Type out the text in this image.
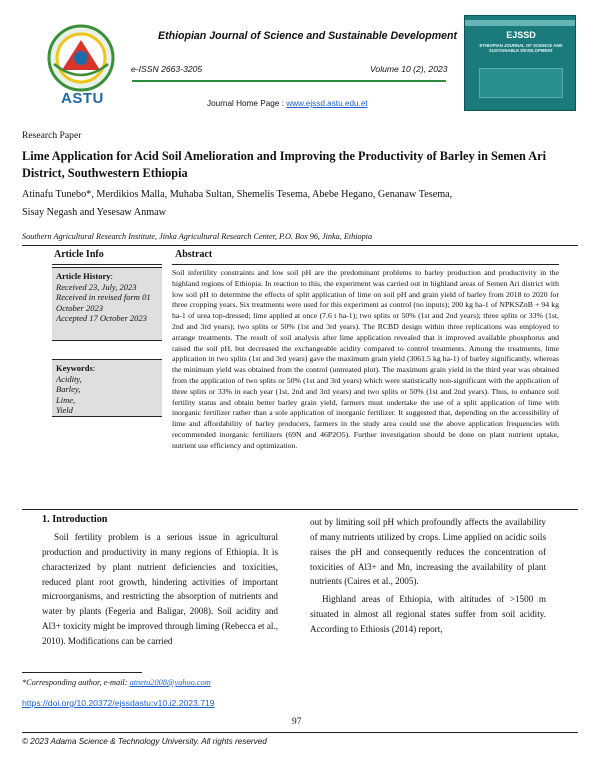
ASTU
Ethiopian Journal of Science and Sustainable Development
e-ISSN 2663-3205	Volume 10 (2), 2023
Journal Home Page : www.ejssd.astu.edu.et
EJSSD
ETHIOPIAN JOURNAL OF SCIENCE AND SUSTAINABLE DEVELOPMENT
Research Paper
Lime Application for Acid Soil Amelioration and Improving the Productivity of Barley in Semen Ari District, Southwestern Ethiopia
Atinafu Tunebo*, Merdikios Malla, Muhaba Sultan, Shemelis Tesema, Abebe Hegano, Genanaw Tesema,
Sisay Negash and Yesesaw Anmaw
Southern Agricultural Research Institute, Jinka Agricultural Research Center, P.O. Box 96, Jinka, Ethiopia
Article Info	Abstract
Article History:
Received 23, July, 2023
Received in revised form 01 October 2023
Accepted 17 October 2023
Keywords:
Acidity,
Barley,
Lime,
Yield
Soil infertility constraints and low soil pH are the predominant problems to barley production and productivity in the highland regions of Ethiopia. In reaction to this, the experiment was carried out in highland areas of Semen Ari district with low soil pH to determine the effects of split application of lime on soil pH and grain yield of barley from 2018 to 2020 for three cropping years. Six treatments were used for this experiment as control (no inputs); 200 kg ha-1 of NPKSZnB + 94 kg ha-1 of urea top-dressed; lime applied at once (7.6 t ha-1); two splits or 50% (1st and 2nd years); three splits or 33% (1st, 2nd and 3rd years); two splits or 50% (1st and 3rd years). The RCBD design within three replications was employed to arrange treatments. The result of soil analysis after lime application revealed that it improved available phosphorus and raised the soil pH, but decreased the exchangeable acidity compared to control treatments. Among the treatments, lime application in two splits (1st and 3rd years) gave the maximum grain yield (3061.5 kg ha-1) of barley significantly, whereas the minimum yield was obtained from the control (untreated plot). The maximum grain yield in the third year was obtained from the application of two splits or 50% (1st and 3rd years) which were statistically non-significant with the application of three splits or 33% in each year (1st, 2nd and 3rd years) and two splits or 50% (1st and 2nd years). Thus, to enhance soil fertility status and obtain better barley grain yield, farmers must undertake the use of a split application of lime with inorganic fertilizer rather than a sole application of inorganic fertilizer. It suggested that, depending on the accessibility of lime and affordability of barley producers, farmers in the study area could use the above application frequencies with recommended inorganic fertilizers (69N and 46P2O5). Further investigation should be done on plant nutrient uptake, nutrient use efficiency and optimization.
1. Introduction

Soil fertility problem is a serious issue in agricultural production and productivity in many regions of Ethiopia. It is characterized by plant nutrient deficiencies and toxicities, reduced plant root growth, hindering activities of important microorganisms, and restricting the absorption of nutrients and water by plants (Fegeria and Baligar, 2008). Soil acidity and Al3+ toxicity might be improved through liming (Rebecca et al., 2010). Modifications can be carried

out by limiting soil pH which profoundly affects the availability of many nutrients utilized by crops. Lime applied on acidic soils raises the pH and consequently reduces the concentration of toxicities of Al3+ and Mn, increasing the availability of plant nutrients (Caires et al., 2005).

Highland areas of Ethiopia, with altitudes of >1500 m situated in almost all regional states suffer from soil acidity. According to Ethiosis (2014) report,

*Corresponding author, e-mail: atnetu2008@yahoo.com
https://doi.org/10.20372/ejssdastu:v10.i2.2023.719
97
© 2023 Adama Science & Technology University. All rights reserved
